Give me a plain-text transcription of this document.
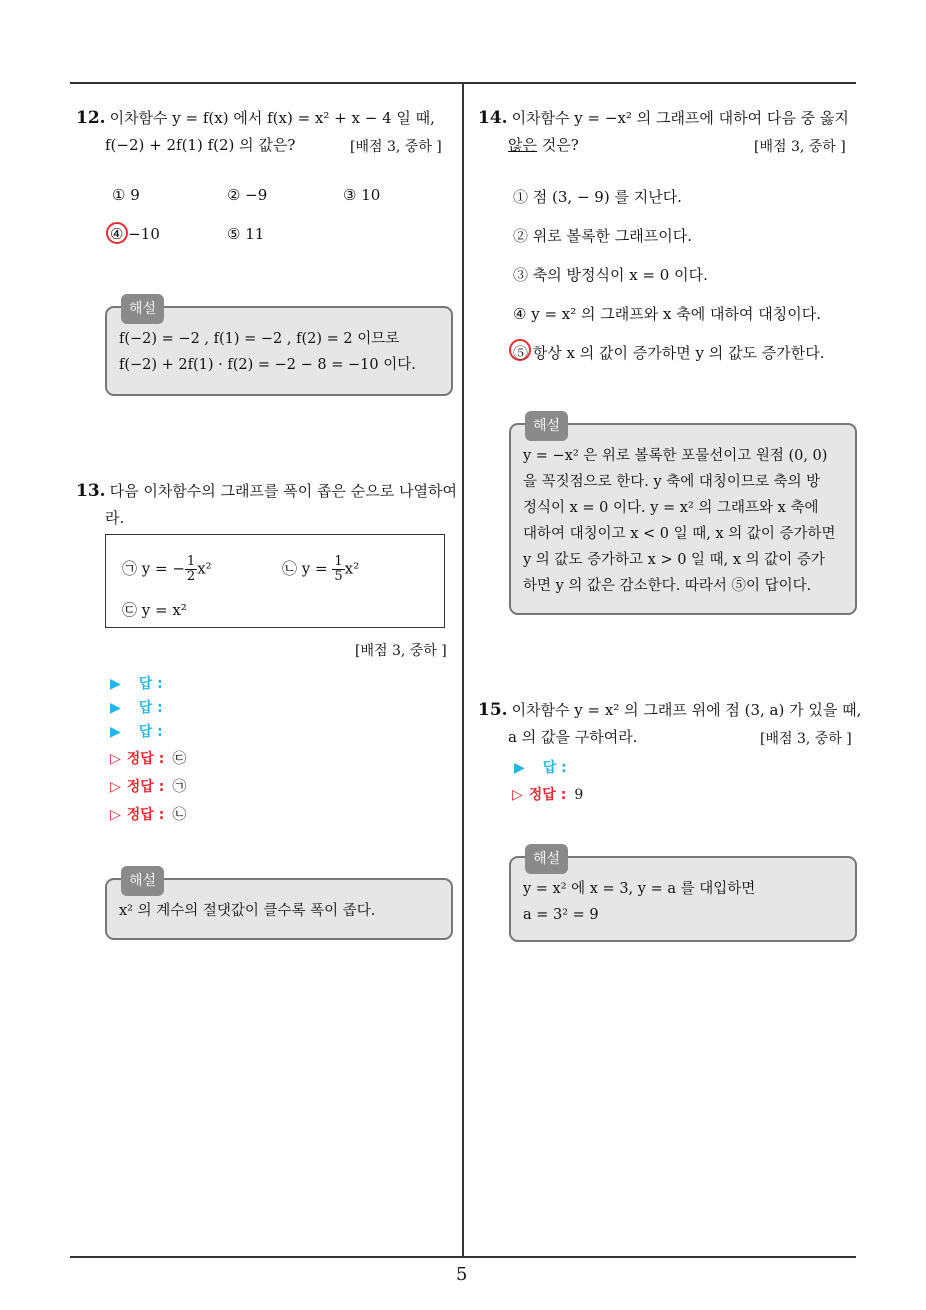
5
12. 이차함수 y = f(x) 에서 f(x) = x² + x − 4 일 때,
f(−2) + 2f(1) f(2) 의 값은?	[배점 3, 중하 ]
① 9	② −9	③ 10
④ −10	⑤ 11
해설
f(−2) = −2 , f(1) = −2 , f(2) = 2 이므로
f(−2) + 2f(1) · f(2) = −2 − 8 = −10 이다.
13. 다음 이차함수의 그래프를 폭이 좁은 순으로 나열하여
라.
㉠ y = − $\frac{1}{2} x^2$	㉡ $y = \frac{1}{5} x^2$
㉢ y = x²
[배점 3, 중하 ]
▶ 답 :
▶ 답 :
▶ 답 :
▷ 정답 : ㉢
▷ 정답 : ㉠
▷ 정답 : ㉡
해설
x² 의 계수의 절댓값이 클수록 폭이 좁다.
14. 이차함수 y = −x² 의 그래프에 대하여 다음 중 옳지
않은 것은?	[배점 3, 중하 ]
① 점 (3, − 9) 를 지난다.
② 위로 볼록한 그래프이다.
③ 축의 방정식이 x = 0 이다.
④ y = x² 의 그래프와 x 축에 대하여 대칭이다.
⑤ 항상 x 의 값이 증가하면 y 의 값도 증가한다.
해설
y = −x² 은 위로 볼록한 포물선이고 원점 (0, 0)
을 꼭짓점으로 한다. y 축에 대칭이므로 축의 방
정식이 x = 0 이다. y = x² 의 그래프와 x 축에
대하여 대칭이고 x < 0 일 때, x 의 값이 증가하면
y 의 값도 증가하고 x > 0 일 때, x 의 값이 증가
하면 y 의 값은 감소한다. 따라서 ⑤이 답이다.
15. 이차함수 y = x² 의 그래프 위에 점 (3, a) 가 있을 때,
a 의 값을 구하여라.	[배점 3, 중하 ]
▶ 답 :
▷ 정답 : 9
해설
y = x² 에 x = 3, y = a 를 대입하면
a = 3² = 9
